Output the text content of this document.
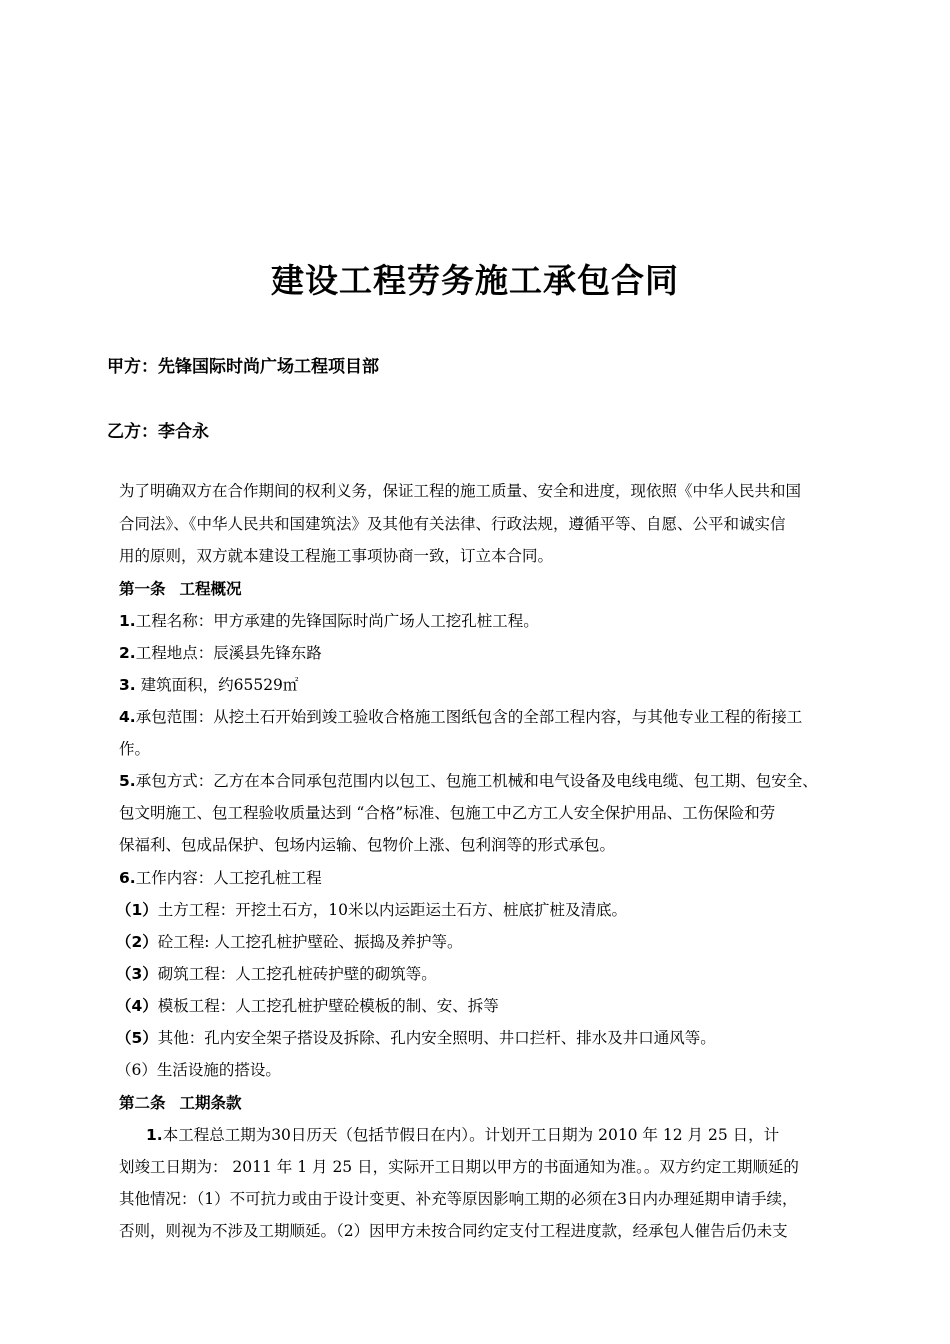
建设工程劳务施工承包合同
甲方：先锋国际时尚广场工程项目部
乙方：李合永
为了明确双方在合作期间的权利义务，保证工程的施工质量、安全和进度，现依照《中华人民共和国
合同法》、《中华人民共和国建筑法》及其他有关法律、行政法规，遵循平等、自愿、公平和诚实信
用的原则，双方就本建设工程施工事项协商一致，订立本合同。
第一条 工程概况
1.工程名称：甲方承建的先锋国际时尚广场人工挖孔桩工程。
2.工程地点：辰溪县先锋东路
3. 建筑面积，约65529㎡
4.承包范围：从挖土石开始到竣工验收合格施工图纸包含的全部工程内容，与其他专业工程的衔接工
作。
5.承包方式：乙方在本合同承包范围内以包工、包施工机械和电气设备及电线电缆、包工期、包安全、
包文明施工、包工程验收质量达到 “合格”标准、包施工中乙方工人安全保护用品、工伤保险和劳
保福利、包成品保护、包场内运输、包物价上涨、包利润等的形式承包。
6.工作内容：人工挖孔桩工程
（1）土方工程：开挖土石方，10米以内运距运土石方、桩底扩桩及清底。
（2）砼工程: 人工挖孔桩护壁砼、振捣及养护等。
（3）砌筑工程：人工挖孔桩砖护壁的砌筑等。
（4）模板工程：人工挖孔桩护壁砼模板的制、安、拆等
（5）其他：孔内安全架子搭设及拆除、孔内安全照明、井口拦杆、排水及井口通风等。
（6）生活设施的搭设。
第二条 工期条款
1.本工程总工期为30日历天（包括节假日在内）。计划开工日期为 2010 年 12 月 25 日，计
划竣工日期为： 2011 年 1 月 25 日，实际开工日期以甲方的书面通知为准。。双方约定工期顺延的
其他情况：（1）不可抗力或由于设计变更、补充等原因影响工期的必须在3日内办理延期申请手续，
否则，则视为不涉及工期顺延。（2）因甲方未按合同约定支付工程进度款，经承包人催告后仍未支
